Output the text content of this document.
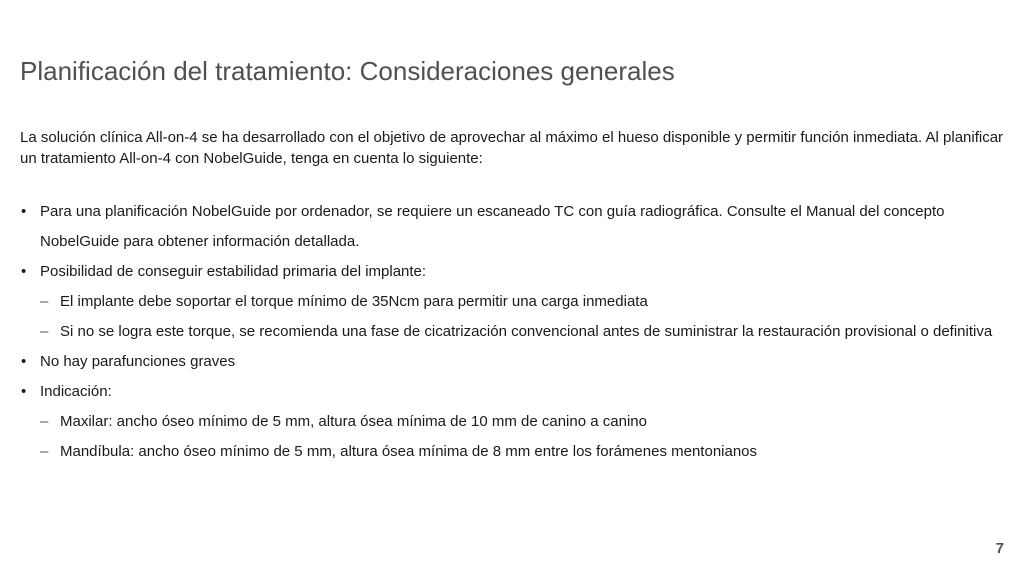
Planificación del tratamiento: Consideraciones generales

La solución clínica All-on-4 se ha desarrollado con el objetivo de aprovechar al máximo el hueso disponible y permitir función inmediata. Al planificar un tratamiento All-on-4 con NobelGuide, tenga en cuenta lo siguiente:

• Para una planificación NobelGuide por ordenador, se requiere un escaneado TC con guía radiográfica. Consulte el Manual del concepto NobelGuide para obtener información detallada.
• Posibilidad de conseguir estabilidad primaria del implante:
– El implante debe soportar el torque mínimo de 35Ncm para permitir una carga inmediata
– Si no se logra este torque, se recomienda una fase de cicatrización convencional antes de suministrar la restauración provisional o definitiva
• No hay parafunciones graves
• Indicación:
– Maxilar: ancho óseo mínimo de 5 mm, altura ósea mínima de 10 mm de canino a canino
– Mandíbula: ancho óseo mínimo de 5 mm, altura ósea mínima de 8 mm entre los forámenes mentonianos
7
